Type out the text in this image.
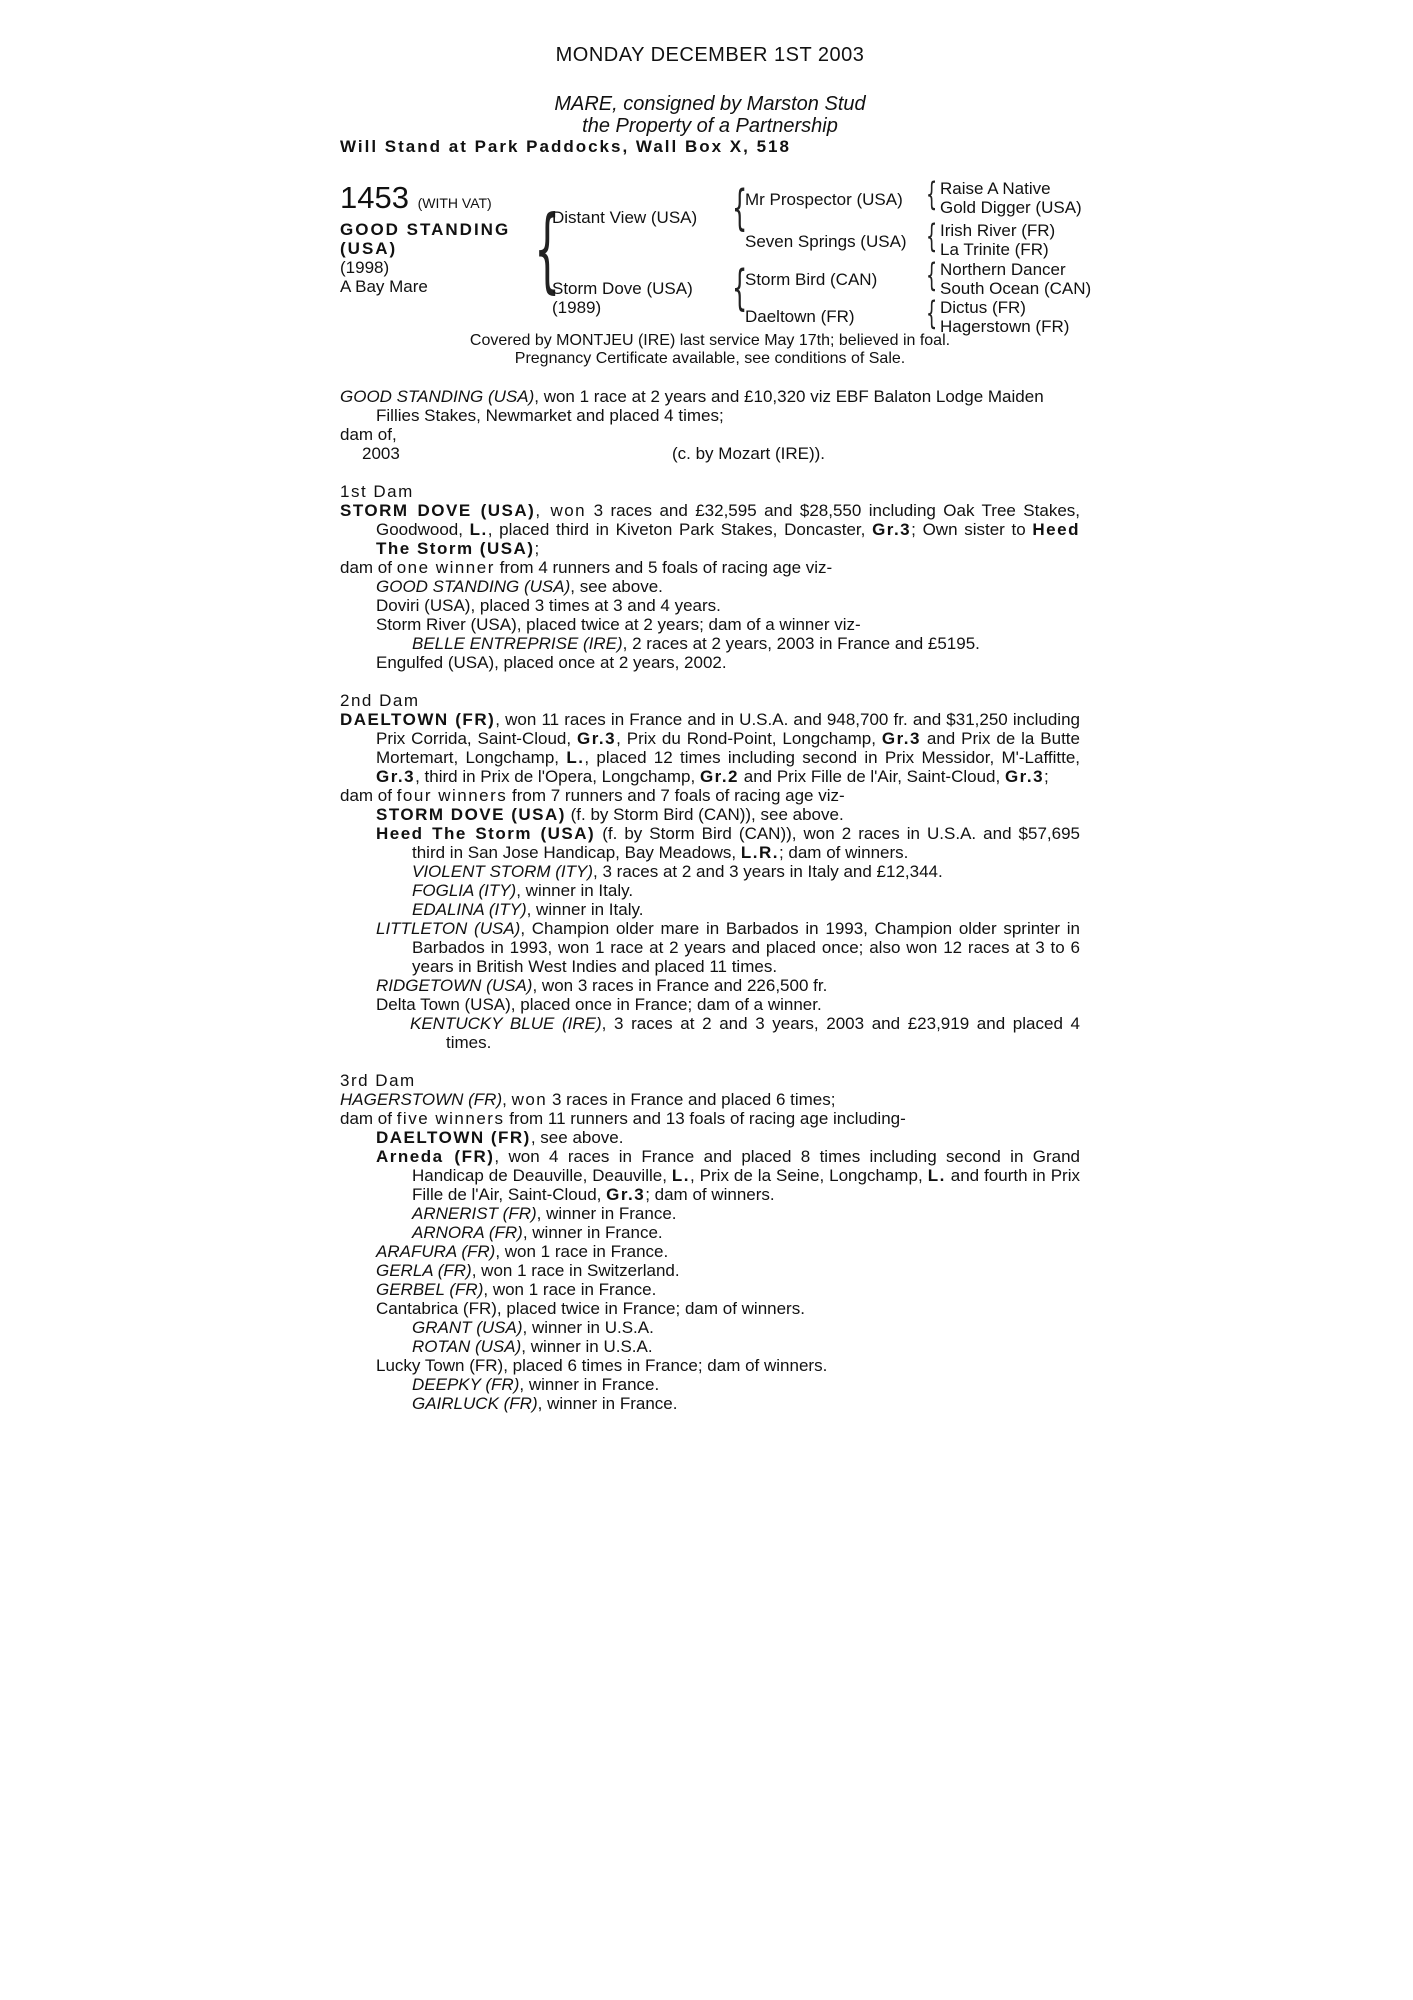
MONDAY DECEMBER 1ST 2003
MARE, consigned by Marston Stud
the Property of a Partnership
Will Stand at Park Paddocks, Wall Box X, 518
1453 (WITH VAT)
GOOD STANDING
(USA)
(1998)
A Bay Mare	{
Distant View (USA)
Storm Dove (USA)
(1989)
{
Mr Prospector (USA)
Seven Springs (USA)
{
Storm Bird (CAN)
Daeltown (FR)
{ Raise A Native
Gold Digger (USA)
{ Irish River (FR)
La Trinite (FR)
{ Northern Dancer
South Ocean (CAN)
{ Dictus (FR)
Hagerstown (FR)
Covered by MONTJEU (IRE) last service May 17th; believed in foal.
Pregnancy Certificate available, see conditions of Sale.

GOOD STANDING (USA), won 1 race at 2 years and £10,320 viz EBF Balaton Lodge Maiden Fillies Stakes, Newmarket and placed 4 times;

dam of,

2003	(c. by Mozart (IRE)).

1st Dam

STORM DOVE (USA), won 3 races and £32,595 and $28,550 including Oak Tree Stakes, Goodwood, L., placed third in Kiveton Park Stakes, Doncaster, Gr.3; Own sister to Heed The Storm (USA);

dam of one winner from 4 runners and 5 foals of racing age viz-

GOOD STANDING (USA), see above.

Doviri (USA), placed 3 times at 3 and 4 years.

Storm River (USA), placed twice at 2 years; dam of a winner viz-

BELLE ENTREPRISE (IRE), 2 races at 2 years, 2003 in France and £5195.

Engulfed (USA), placed once at 2 years, 2002.

2nd Dam

DAELTOWN (FR), won 11 races in France and in U.S.A. and 948,700 fr. and $31,250 including Prix Corrida, Saint-Cloud, Gr.3, Prix du Rond-Point, Longchamp, Gr.3 and Prix de la Butte Mortemart, Longchamp, L., placed 12 times including second in Prix Messidor, M'-Laffitte, Gr.3, third in Prix de l'Opera, Longchamp, Gr.2 and Prix Fille de l'Air, Saint-Cloud, Gr.3;

dam of four winners from 7 runners and 7 foals of racing age viz-

STORM DOVE (USA) (f. by Storm Bird (CAN)), see above.

Heed The Storm (USA) (f. by Storm Bird (CAN)), won 2 races in U.S.A. and $57,695 third in San Jose Handicap, Bay Meadows, L.R.; dam of winners.

VIOLENT STORM (ITY), 3 races at 2 and 3 years in Italy and £12,344.

FOGLIA (ITY), winner in Italy.

EDALINA (ITY), winner in Italy.

LITTLETON (USA), Champion older mare in Barbados in 1993, Champion older sprinter in Barbados in 1993, won 1 race at 2 years and placed once; also won 12 races at 3 to 6 years in British West Indies and placed 11 times.

RIDGETOWN (USA), won 3 races in France and 226,500 fr.

Delta Town (USA), placed once in France; dam of a winner.

KENTUCKY BLUE (IRE), 3 races at 2 and 3 years, 2003 and £23,919 and placed 4 times.

3rd Dam

HAGERSTOWN (FR), won 3 races in France and placed 6 times;

dam of five winners from 11 runners and 13 foals of racing age including-

DAELTOWN (FR), see above.

Arneda (FR), won 4 races in France and placed 8 times including second in Grand Handicap de Deauville, Deauville, L., Prix de la Seine, Longchamp, L. and fourth in Prix Fille de l'Air, Saint-Cloud, Gr.3; dam of winners.

ARNERIST (FR), winner in France.

ARNORA (FR), winner in France.

ARAFURA (FR), won 1 race in France.

GERLA (FR), won 1 race in Switzerland.

GERBEL (FR), won 1 race in France.

Cantabrica (FR), placed twice in France; dam of winners.

GRANT (USA), winner in U.S.A.

ROTAN (USA), winner in U.S.A.

Lucky Town (FR), placed 6 times in France; dam of winners.

DEEPKY (FR), winner in France.

GAIRLUCK (FR), winner in France.
